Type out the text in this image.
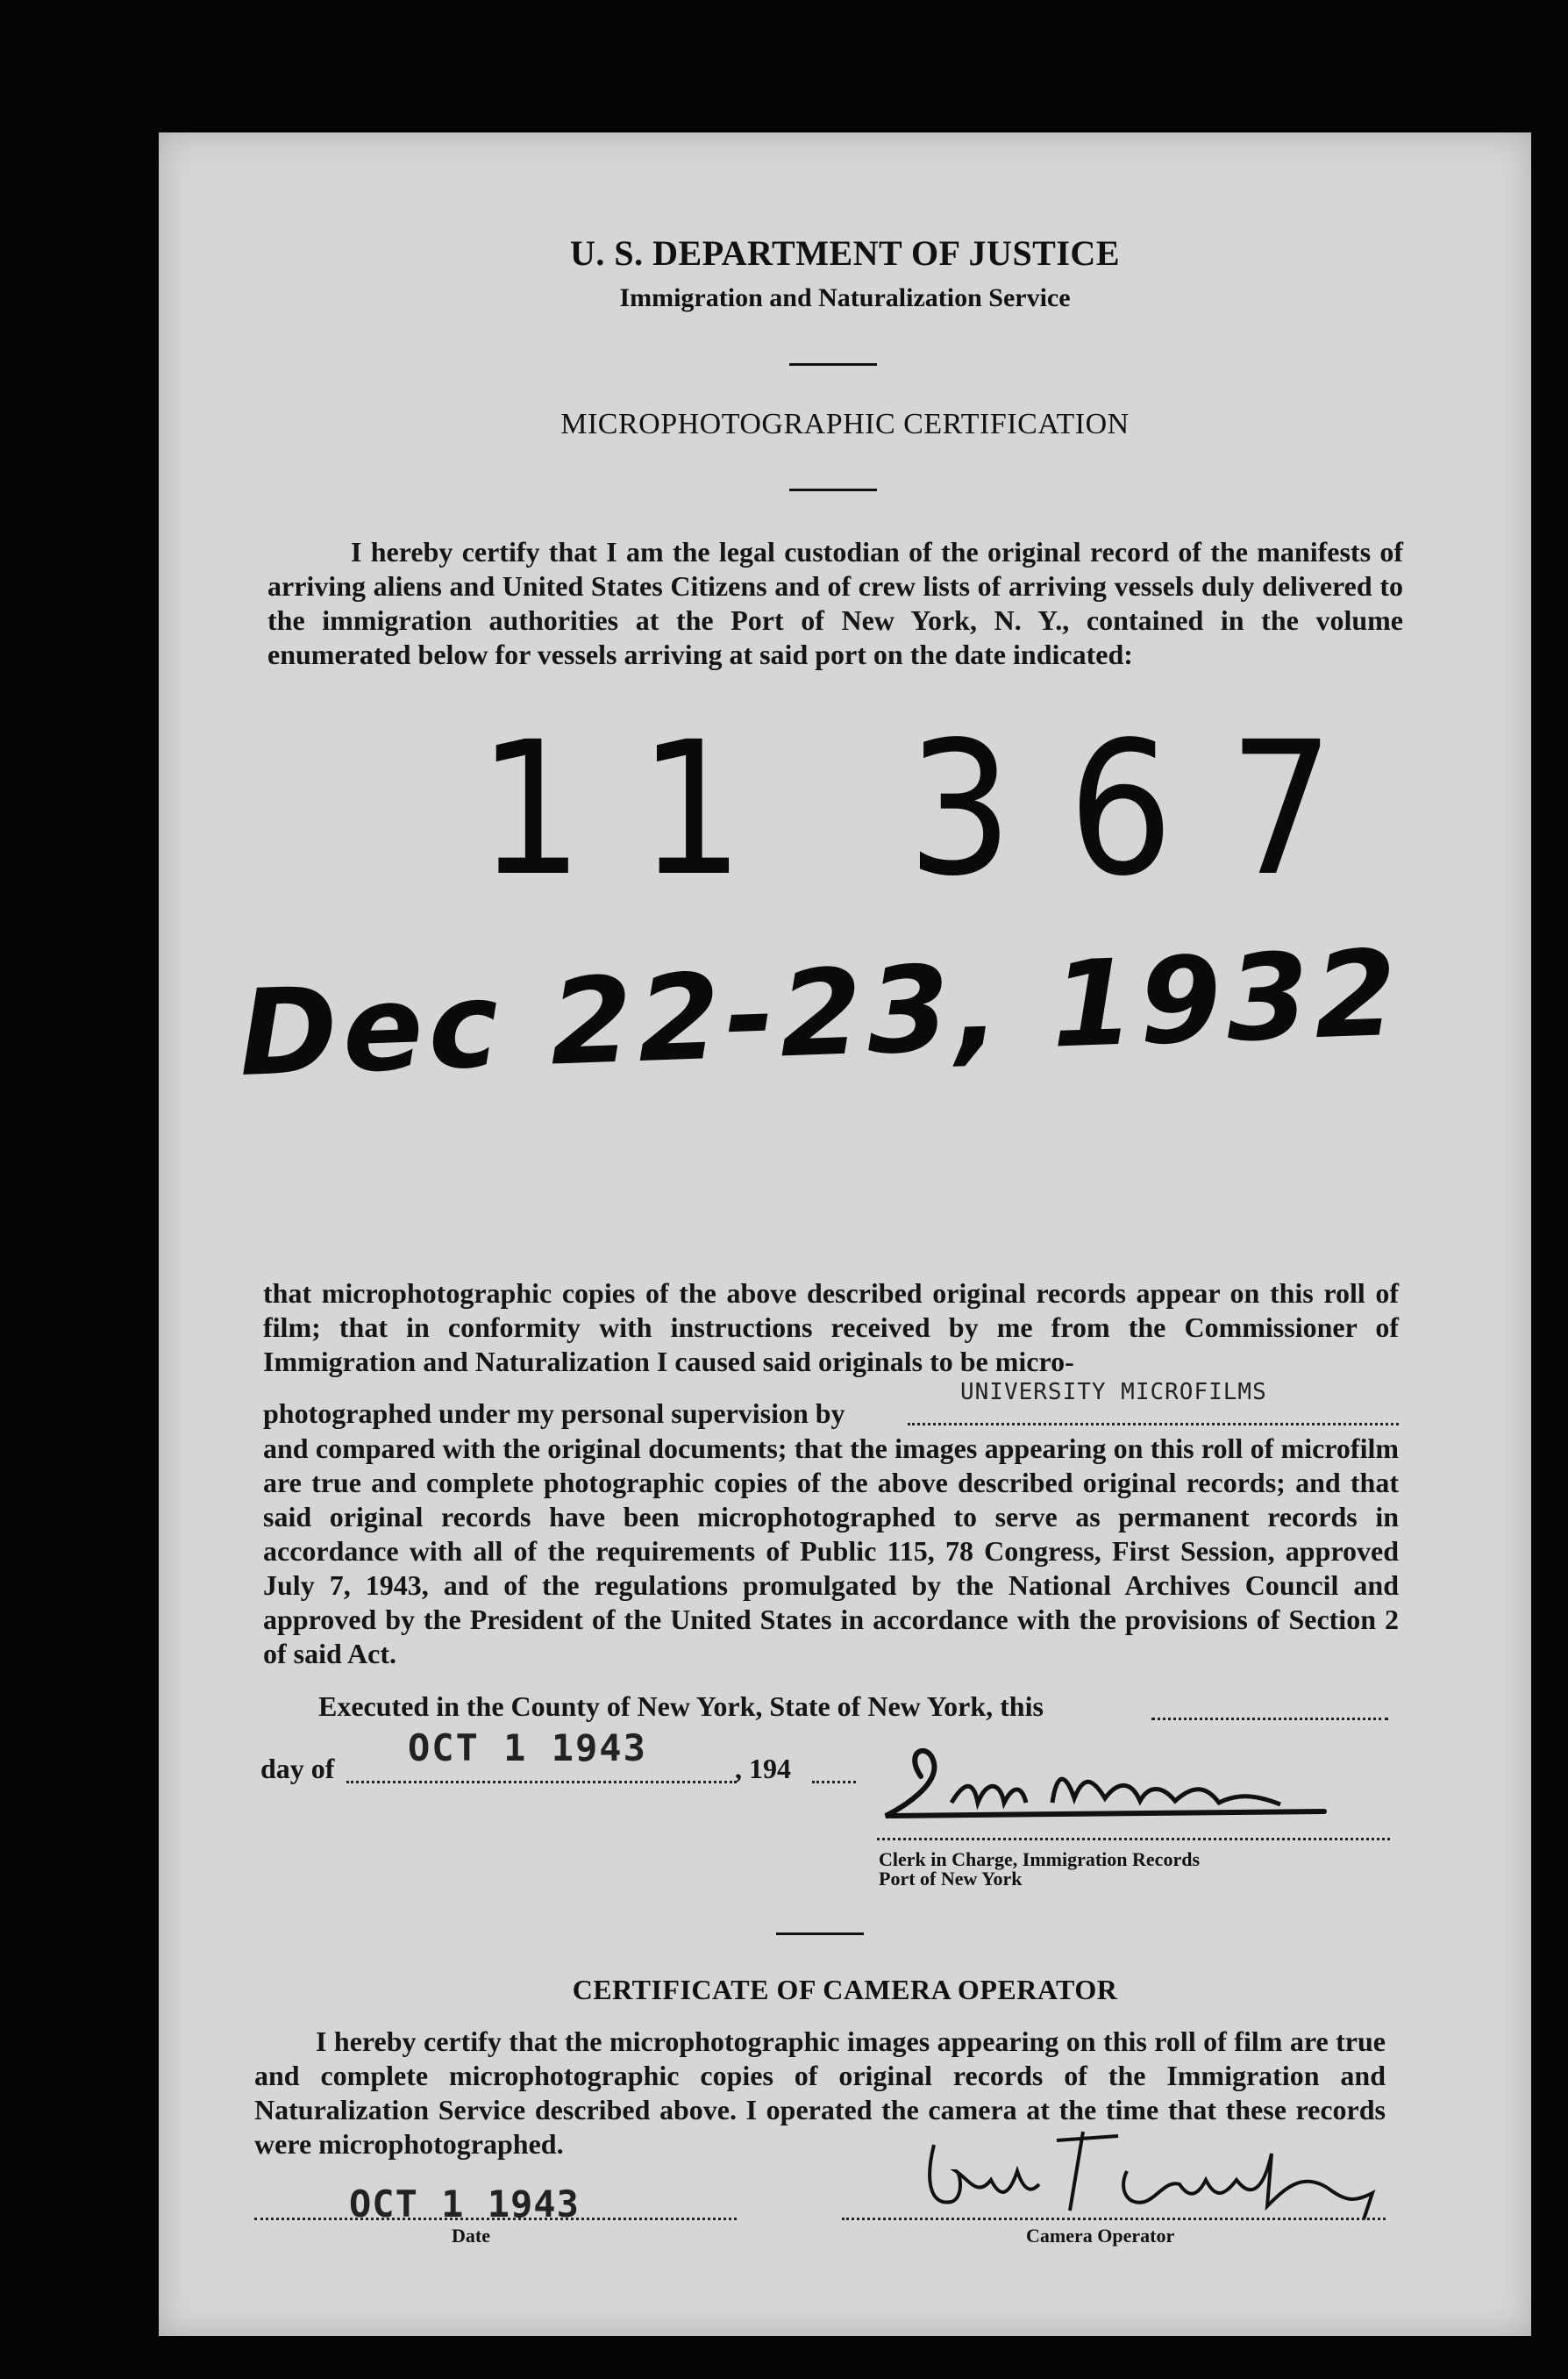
U. S. DEPARTMENT OF JUSTICE
Immigration and Naturalization Service
MICROPHOTOGRAPHIC CERTIFICATION
I hereby certify that I am the legal custodian of the original record of the manifests of arriving aliens and United States Citizens and of crew lists of arriving vessels duly delivered to the immigration authorities at the Port of New York, N. Y., contained in the volume enumerated below for vessels arriving at said port on the date indicated:
11 367
Dec 22-23, 1932
that microphotographic copies of the above described original records appear on this roll of film; that in conformity with instructions received by me from the Commissioner of Immigration and Naturalization I caused said originals to be micro-
photographed under my personal supervision by
UNIVERSITY MICROFILMS
and compared with the original documents; that the images appearing on this roll of microfilm are true and complete photographic copies of the above described original records; and that said original records have been microphotographed to serve as permanent records in accordance with all of the requirements of Public 115, 78 Congress, First Session, approved July 7, 1943, and of the regulations promulgated by the National Archives Council and approved by the President of the United States in accordance with the provisions of Section 2 of said Act.
Executed in the County of New York, State of New York, this
day of OCT 1 1943	, 194
Clerk in Charge, Immigration Records
Port of New York
CERTIFICATE OF CAMERA OPERATOR
I hereby certify that the microphotographic images appearing on this roll of film are true and complete microphotographic copies of original records of the Immigration and Naturalization Service described above. I operated the camera at the time that these records were microphotographed.
OCT 1 1943
Date	Camera Operator
